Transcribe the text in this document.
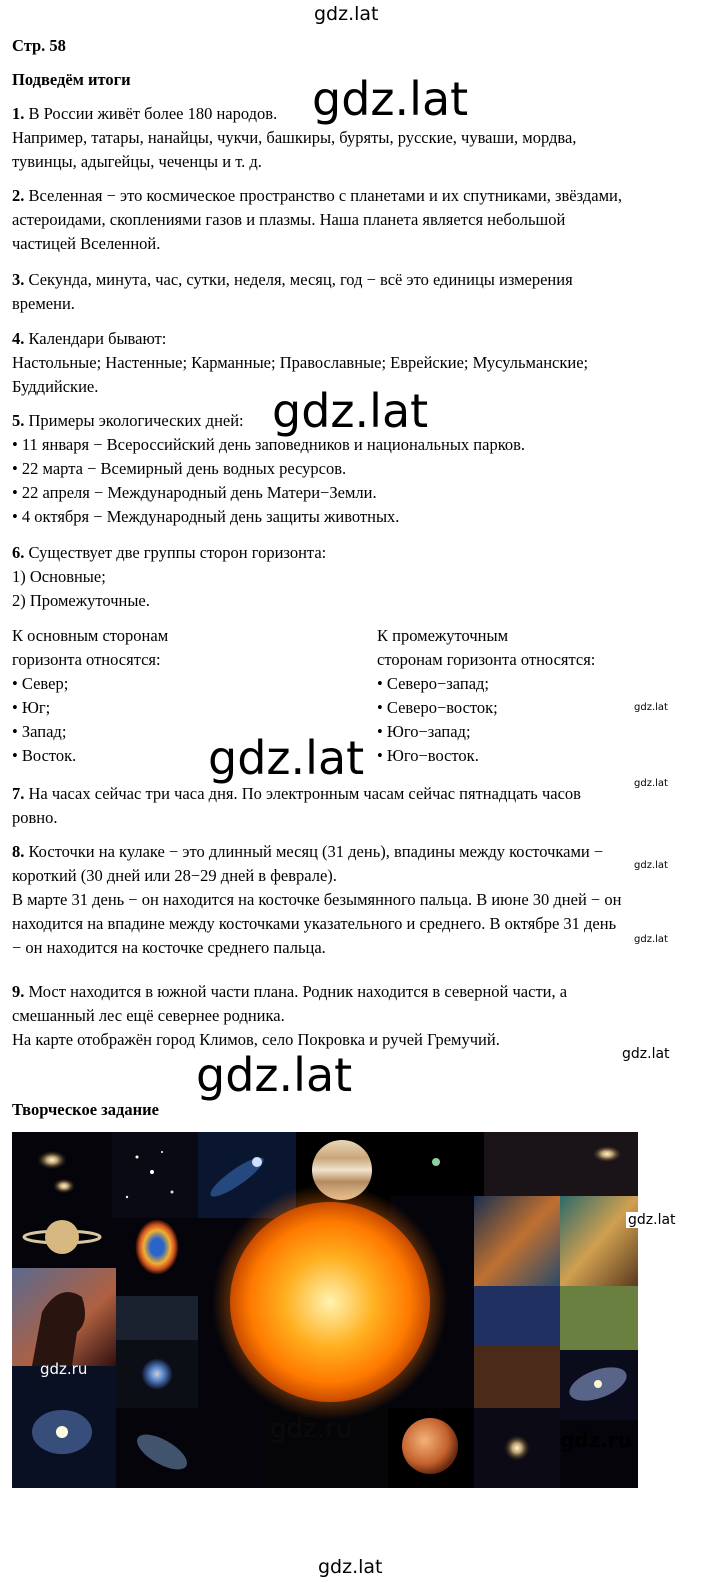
gdz.lat
Стр. 58
Подведём итоги
1. В России живёт более 180 народов.
Например, татары, нанайцы, чукчи, башкиры, буряты, русские, чуваши, мордва,
тувинцы, адыгейцы, чеченцы и т. д.
2. Вселенная − это космическое пространство с планетами и их спутниками, звёздами,
астероидами, скоплениями газов и плазмы. Наша планета является небольшой
частицей Вселенной.
3. Секунда, минута, час, сутки, неделя, месяц, год − всё это единицы измерения
времени.
4. Календари бывают:
Настольные; Настенные; Карманные; Православные; Еврейские; Мусульманские;
Буддийские.
5. Примеры экологических дней:
• 11 января − Всероссийский день заповедников и национальных парков.
• 22 марта − Всемирный день водных ресурсов.
• 22 апреля − Международный день Матери−Земли.
• 4 октября − Международный день защиты животных.
6. Существует две группы сторон горизонта:
1) Основные;
2) Промежуточные.
К основным сторонам
горизонта относятся:
• Север;
• Юг;
• Запад;
• Восток.
К промежуточным
сторонам горизонта относятся:
• Северо−запад;
• Северо−восток;
• Юго−запад;
• Юго−восток.
7. На часах сейчас три часа дня. По электронным часам сейчас пятнадцать часов
ровно.
8. Косточки на кулаке − это длинный месяц (31 день), впадины между косточками −
короткий (30 дней или 28−29 дней в феврале).
В марте 31 день − он находится на косточке безымянного пальца. В июне 30 дней − он
находится на впадине между косточками указательного и среднего. В октябре 31 день
− он находится на косточке среднего пальца.
9. Мост находится в южной части плана. Родник находится в северной части, а
смешанный лес ещё севернее родника.
На карте отображён город Климов, село Покровка и ручей Гремучий.
Творческое задание
gdz.ru
gdz.ru	gdz.ru
gdz.lat
gdz.lat
gdz.lat
gdz.lat
gdz.lat
gdz.lat
gdz.lat
gdz.lat
gdz.lat
gdz.lat
gdz.lat
